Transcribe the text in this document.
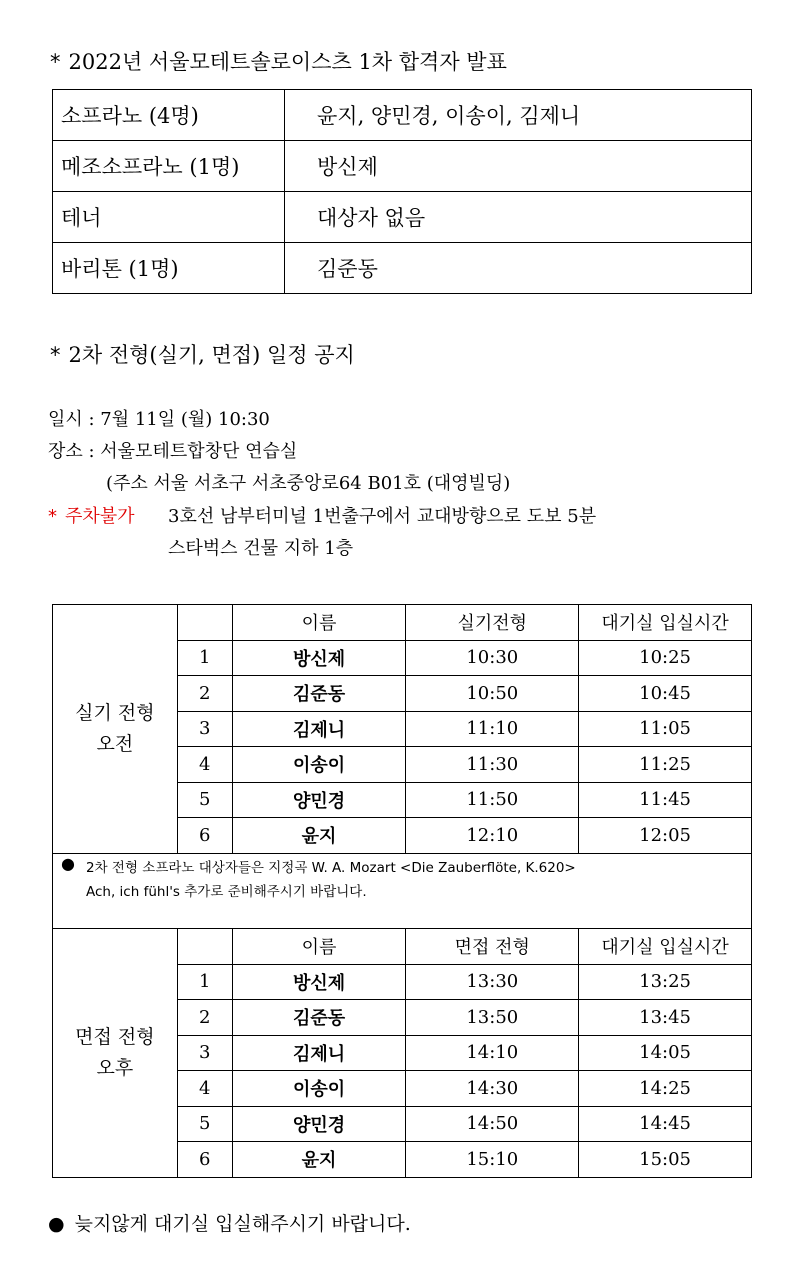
* 2022년 서울모테트솔로이스츠 1차 합격자 발표
소프라노 (4명)	윤지, 양민경, 이송이, 김제니
메조소프라노 (1명)	방신제
테너	대상자 없음
바리톤 (1명)	김준동
* 2차 전형(실기, 면접) 일정 공지
일시 : 7월 11일 (월) 10:30
장소 : 서울모테트합창단 연습실
(주소 서울 서초구 서초중앙로64 B01호 (대영빌딩)
* 주차불가 3호선 남부터미널 1번출구에서 교대방향으로 도보 5분
스타벅스 건물 지하 1층
실기 전형
오전		이름	실기전형	대기실 입실시간
	1	방신제	10:30	10:25
	2	김준동	10:50	10:45
	3	김제니	11:10	11:05
	4	이송이	11:30	11:25
	5	양민경	11:50	11:45
	6	윤지	12:10	12:05
● 2차 전형 소프라노 대상자들은 지정곡 W. A. Mozart <Die Zauberflöte, K.620>
Ach, ich fühl's 추가로 준비해주시기 바랍니다.
면접 전형
오후		이름	면접 전형	대기실 입실시간
	1	방신제	13:30	13:25
	2	김준동	13:50	13:45
	3	김제니	14:10	14:05
	4	이송이	14:30	14:25
	5	양민경	14:50	14:45
	6	윤지	15:10	15:05
● 늦지않게 대기실 입실해주시기 바랍니다.
